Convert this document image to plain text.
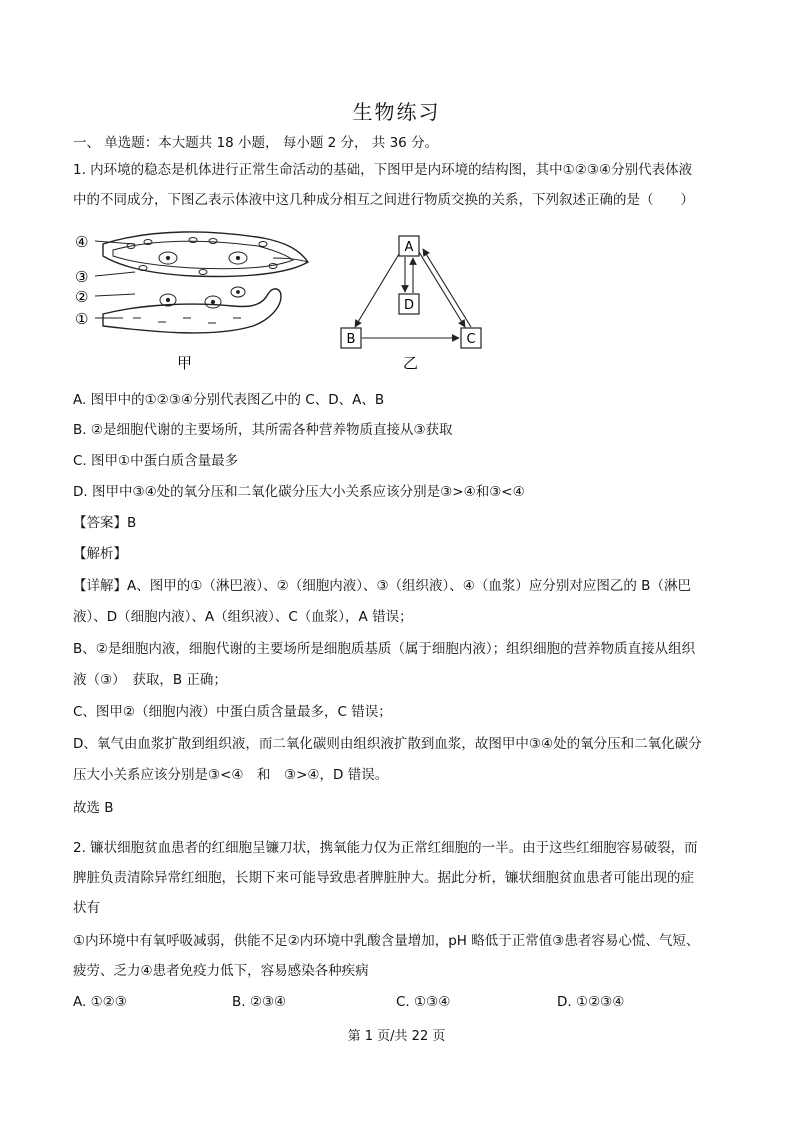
生物练习
一、 单选题：本大题共 18 小题， 每小题 2 分， 共 36 分。
1. 内环境的稳态是机体进行正常生命活动的基础，下图甲是内环境的结构图，其中①②③④分别代表体液
中的不同成分，下图乙表示体液中这几种成分相互之间进行物质交换的关系，下列叙述正确的是（　　）
④
③
②
①
甲
A
D
B	C
乙
A. 图甲中的①②③④分别代表图乙中的 C、D、A、B
B. ②是细胞代谢的主要场所，其所需各种营养物质直接从③获取
C. 图甲①中蛋白质含量最多
D. 图甲中③④处的氧分压和二氧化碳分压大小关系应该分别是③>④和③<④
【答案】B
【解析】
【详解】A、图甲的①（淋巴液）、②（细胞内液）、③（组织液）、④（血浆）应分别对应图乙的 B（淋巴
液）、D（细胞内液）、A（组织液）、C（血浆），A 错误；
B、②是细胞内液，细胞代谢的主要场所是细胞质基质（属于细胞内液）；组织细胞的营养物质直接从组织
液（③）　获取，B 正确；
C、图甲②（细胞内液）中蛋白质含量最多，C 错误；
D、氧气由血浆扩散到组织液，而二氧化碳则由组织液扩散到血浆，故图甲中③④处的氧分压和二氧化碳分
压大小关系应该分别是③<④　和　③>④，D 错误。
故选 B
2. 镰状细胞贫血患者的红细胞呈镰刀状，携氧能力仅为正常红细胞的一半。由于这些红细胞容易破裂，而
脾脏负责清除异常红细胞，长期下来可能导致患者脾脏肿大。据此分析，镰状细胞贫血患者可能出现的症
状有
①内环境中有氧呼吸减弱，供能不足②内环境中乳酸含量增加，pH 略低于正常值③患者容易心慌、气短、
疲劳、乏力④患者免疫力低下，容易感染各种疾病
A. ①②③	B. ②③④	C. ①③④	D. ①②③④
第 1 页/共 22 页
